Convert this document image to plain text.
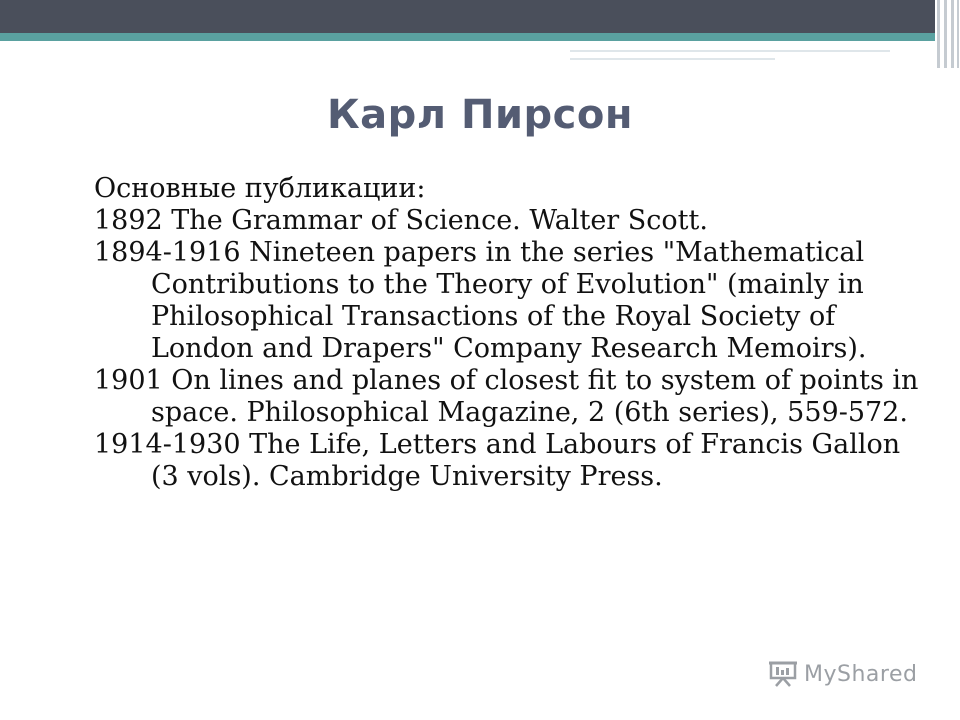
Карл Пирсон

Основные публикации:

1892 The Grammar of Science. Walter Scott.

1894-1916 Nineteen papers in the series "Mathematical Contributions to the Theory of Evolution" (mainly in Philosophical Transactions of the Royal Society of London and Drapers" Company Research Memoirs).

1901 On lines and planes of closest fit to system of points in space. Philosophical Magazine, 2 (6th series), 559-572.

1914-1930 The Life, Letters and Labours of Francis Gallon (3 vols). Cambridge University Press.

MyShared
